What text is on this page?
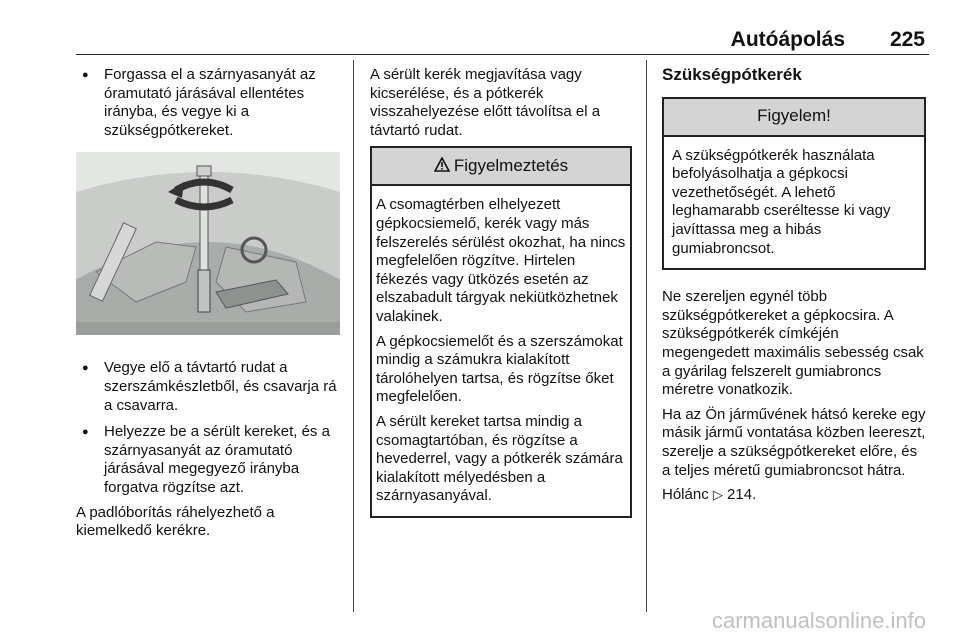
Autóápolás 225
● Forgassa el a szárnyasanyát az óramutató járásával ellentétes irányba, és vegye ki a szükségpótkereket.
● Vegye elő a távtartó rudat a szerszámkészletből, és csavarja rá a csavarra.
● Helyezze be a sérült kereket, és a szárnyasanyát az óramutató járásával megegyező irányba forgatva rögzítse azt.

A padlóborítás ráhelyezhető a kiemelkedő kerékre.

A sérült kerék megjavítása vagy kicserélése, és a pótkerék visszahelyezése előtt távolítsa el a távtartó rudat.

Figyelmeztetés

A csomagtérben elhelyezett gépkocsiemelő, kerék vagy más felszerelés sérülést okozhat, ha nincs megfelelően rögzítve. Hirtelen fékezés vagy ütközés esetén az elszabadult tárgyak nekiütközhetnek valakinek.

A gépkocsiemelőt és a szerszámokat mindig a számukra kialakított tárolóhelyen tartsa, és rögzítse őket megfelelően.

A sérült kereket tartsa mindig a csomagtartóban, és rögzítse a hevederrel, vagy a pótkerék számára kialakított mélyedésben a szárnyasanyával.

Szükségpótkerék
Figyelem!

A szükségpótkerék használata befolyásolhatja a gépkocsi vezethetőségét. A lehető leghamarabb cseréltesse ki vagy javíttassa meg a hibás gumiabroncsot.

Ne szereljen egynél több szükségpótkereket a gépkocsira. A szükségpótkerék címkéjén megengedett maximális sebesség csak a gyárilag felszerelt gumiabroncs méretre vonatkozik.

Ha az Ön járművének hátsó kereke egy másik jármű vontatása közben leereszt, szerelje a szükségpótkereket előre, és a teljes méretű gumiabroncsot hátra.

Hólánc ▷ 214.

carmanualsonline.info
